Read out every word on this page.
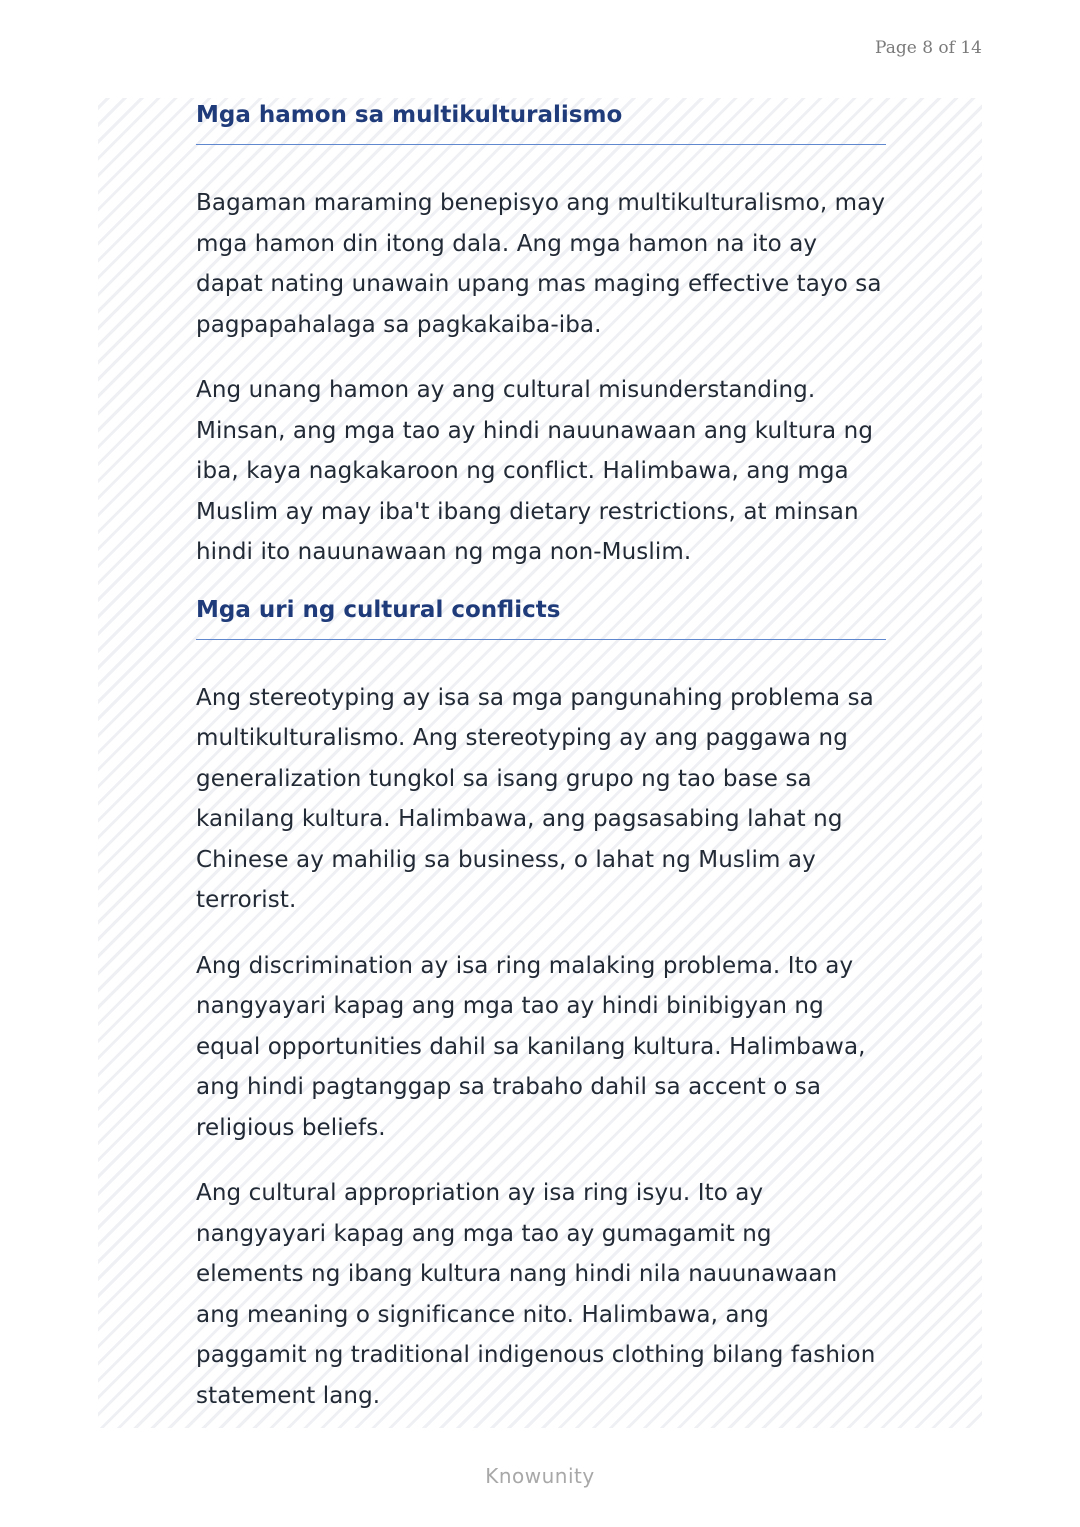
Page 8 of 14
Mga hamon sa multikulturalismo

Bagaman maraming benepisyo ang multikulturalismo, may mga hamon din itong dala. Ang mga hamon na ito ay dapat nating unawain upang mas maging effective tayo sa pagpapahalaga sa pagkakaiba-iba.

Ang unang hamon ay ang cultural misunderstanding. Minsan, ang mga tao ay hindi nauunawaan ang kultura ng iba, kaya nagkakaroon ng conflict. Halimbawa, ang mga Muslim ay may iba't ibang dietary restrictions, at minsan hindi ito nauunawaan ng mga non-Muslim.

Mga uri ng cultural conflicts

Ang stereotyping ay isa sa mga pangunahing problema sa multikulturalismo. Ang stereotyping ay ang paggawa ng generalization tungkol sa isang grupo ng tao base sa kanilang kultura. Halimbawa, ang pagsasabing lahat ng Chinese ay mahilig sa business, o lahat ng Muslim ay terrorist.

Ang discrimination ay isa ring malaking problema. Ito ay nangyayari kapag ang mga tao ay hindi binibigyan ng equal opportunities dahil sa kanilang kultura. Halimbawa, ang hindi pagtanggap sa trabaho dahil sa accent o sa religious beliefs.

Ang cultural appropriation ay isa ring isyu. Ito ay nangyayari kapag ang mga tao ay gumagamit ng elements ng ibang kultura nang hindi nila nauunawaan ang meaning o significance nito. Halimbawa, ang paggamit ng traditional indigenous clothing bilang fashion statement lang.

Knowunity
